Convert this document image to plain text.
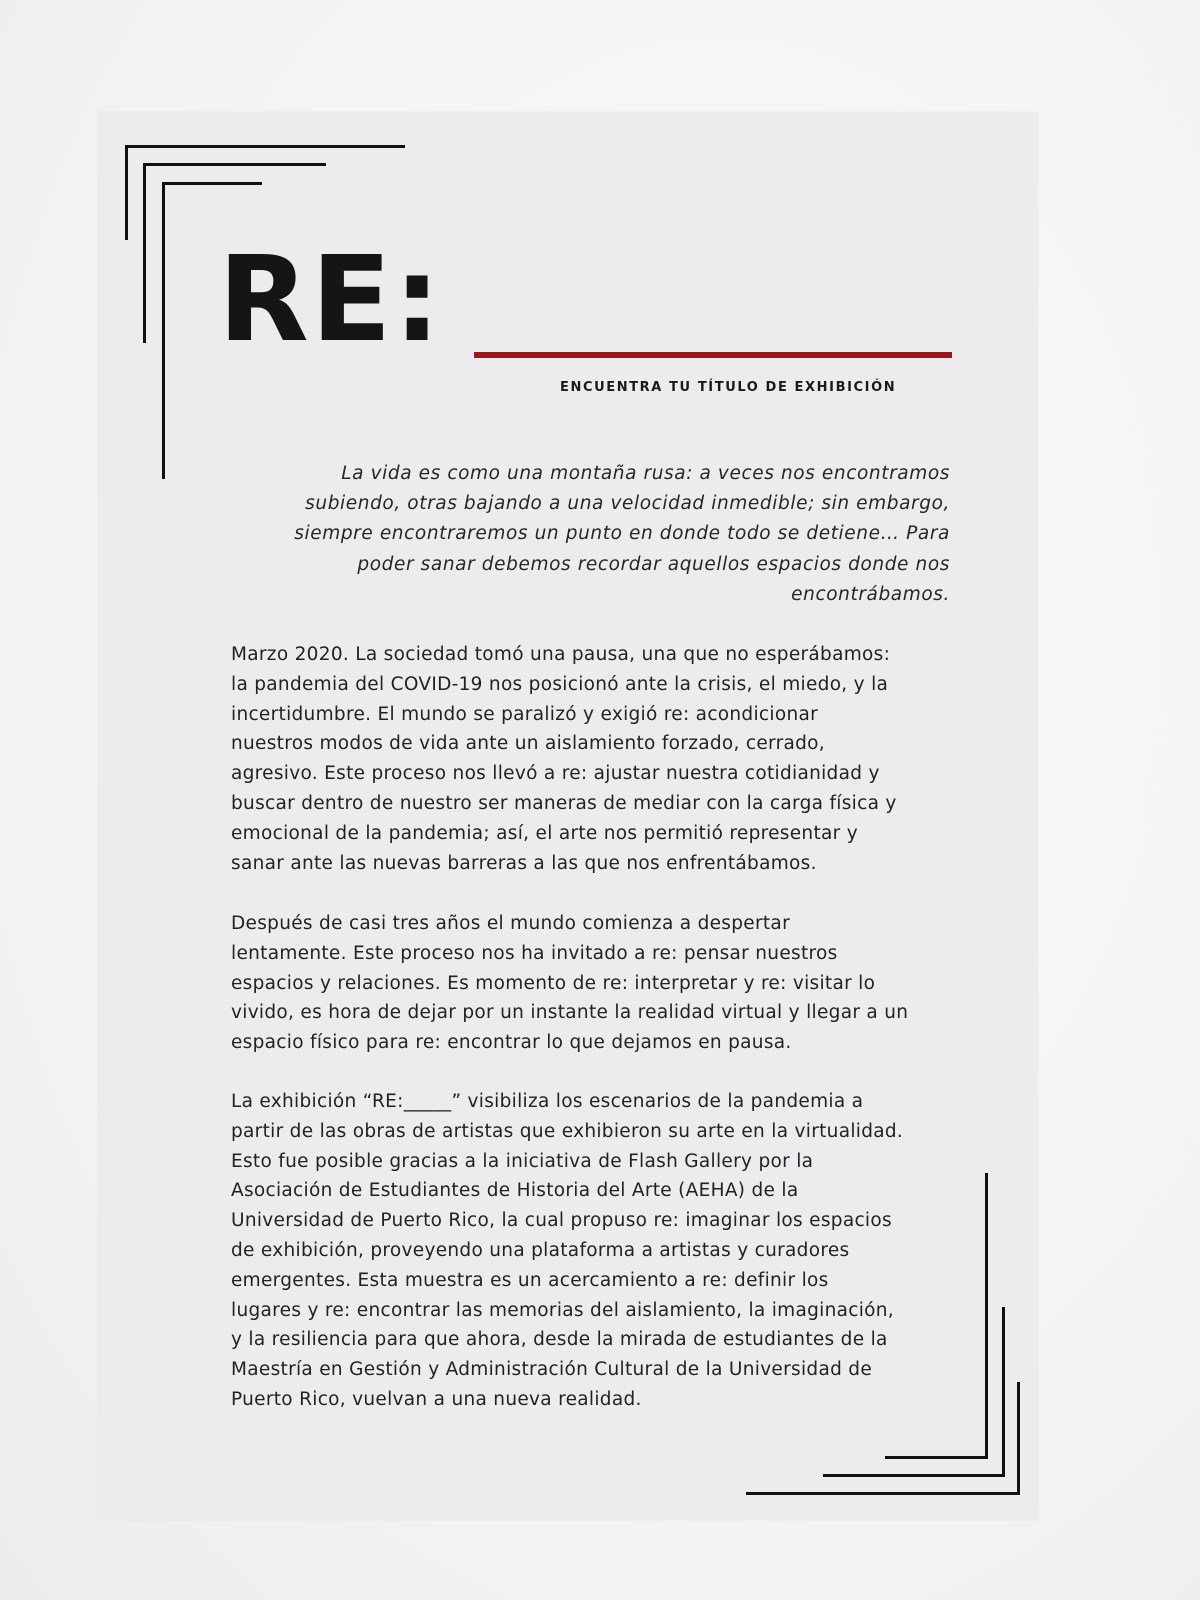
RE:
ENCUENTRA TU TÍTULO DE EXHIBICIÓN
La vida es como una montaña rusa: a veces nos encontramos
subiendo, otras bajando a una velocidad inmedible; sin embargo,
siempre encontraremos un punto en donde todo se detiene… Para
poder sanar debemos recordar aquellos espacios donde nos
encontrábamos.
Marzo 2020. La sociedad tomó una pausa, una que no esperábamos:
la pandemia del COVID-19 nos posicionó ante la crisis, el miedo, y la
incertidumbre. El mundo se paralizó y exigió re: acondicionar
nuestros modos de vida ante un aislamiento forzado, cerrado,
agresivo. Este proceso nos llevó a re: ajustar nuestra cotidianidad y
buscar dentro de nuestro ser maneras de mediar con la carga física y
emocional de la pandemia; así, el arte nos permitió representar y
sanar ante las nuevas barreras a las que nos enfrentábamos.
Después de casi tres años el mundo comienza a despertar
lentamente. Este proceso nos ha invitado a re: pensar nuestros
espacios y relaciones. Es momento de re: interpretar y re: visitar lo
vivido, es hora de dejar por un instante la realidad virtual y llegar a un
espacio físico para re: encontrar lo que dejamos en pausa.
La exhibición “RE:_____” visibiliza los escenarios de la pandemia a
partir de las obras de artistas que exhibieron su arte en la virtualidad.
Esto fue posible gracias a la iniciativa de Flash Gallery por la
Asociación de Estudiantes de Historia del Arte (AEHA) de la
Universidad de Puerto Rico, la cual propuso re: imaginar los espacios
de exhibición, proveyendo una plataforma a artistas y curadores
emergentes. Esta muestra es un acercamiento a re: definir los
lugares y re: encontrar las memorias del aislamiento, la imaginación,
y la resiliencia para que ahora, desde la mirada de estudiantes de la
Maestría en Gestión y Administración Cultural de la Universidad de
Puerto Rico, vuelvan a una nueva realidad.
